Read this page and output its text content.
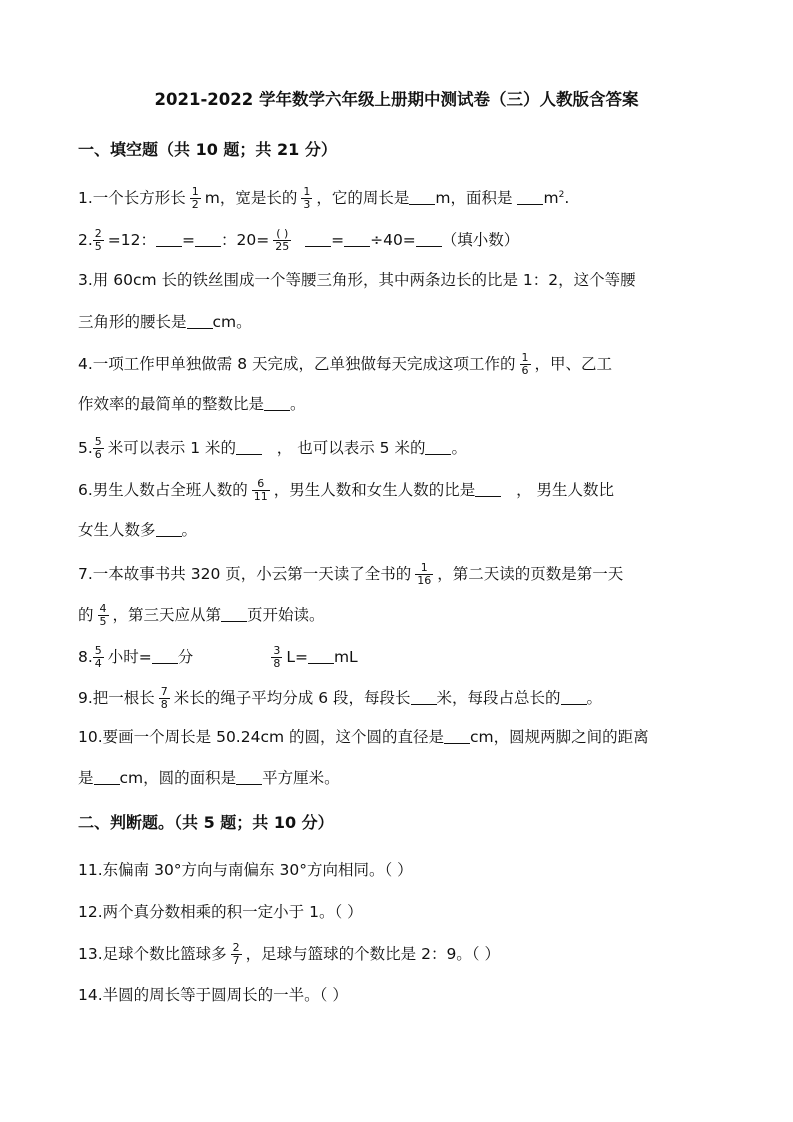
2021-2022 学年数学六年级上册期中测试卷（三）人教版含答案
一、填空题（共 10 题；共 21 分）
1.一个长方形长 $\frac{1}{2}$ m，宽是长的 $\frac{1}{3}$ ，它的周长是 m，面积是 $m^2$.
2. $\frac{2}{5} =12$： = ：$20= \frac{( )}{25}$	= ÷40= （填小数）
3.用 60cm 长的铁丝围成一个等腰三角形，其中两条边长的比是 1：2，这个等腰
三角形的腰长是 cm。
4.一项工作甲单独做需 8 天完成，乙单独做每天完成这项工作的 $\frac{1}{6}$ ，甲、乙工
作效率的最简单的整数比是 。
5. $\frac{5}{6}$ 米可以表示 1 米的	， 也可以表示 5 米的 。
6.男生人数占全班人数的 $\frac{6}{11}$ ，男生人数和女生人数的比是	， 男生人数比
女生人数多 。
7.一本故事书共 320 页，小云第一天读了全书的 $\frac{1}{16}$ ，第二天读的页数是第一天
的 $\frac{4}{5}$ ，第三天应从第 页开始读。
8. $\frac{5}{4}$ 小时= 分	$\frac{3}{8} L=$ mL
9.把一根长 $\frac{7}{8}$ 米长的绳子平均分成 6 段，每段长 米，每段占总长的 。
10.要画一个周长是 50.24cm 的圆，这个圆的直径是 cm，圆规两脚之间的距离
是 cm，圆的面积是 平方厘米。
二、判断题。（共 5 题；共 10 分）
11.东偏南 30°方向与南偏东 30°方向相同。（ ）
12.两个真分数相乘的积一定小于 1。（ ）
13.足球个数比篮球多 $\frac{2}{7}$ ，足球与篮球的个数比是 2：9。（ ）
14.半圆的周长等于圆周长的一半。（ ）
